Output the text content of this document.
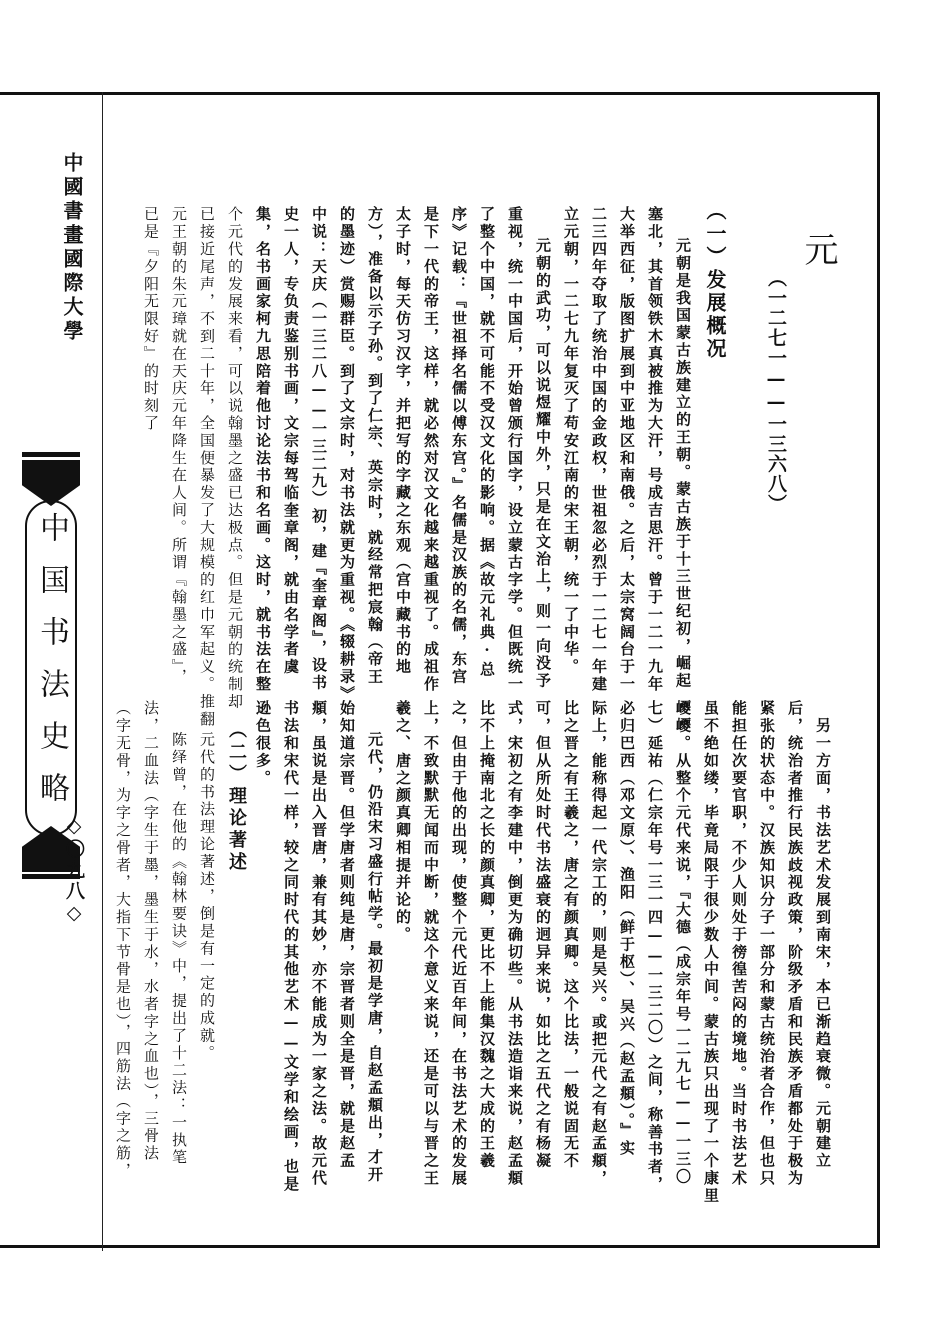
中國書畫國際大學
中国书法史略
◇〇九八◇
元
（一二七一——一三六八）
（一）发展概况
　元朝是我国蒙古族建立的王朝。蒙古族于十三世纪初，崛起
塞北，其首领铁木真被推为大汗，号成吉思汗。曾于一二一九年
大举西征，版图扩展到中亚地区和南俄。之后，太宗窝阔台于一
二三四年夺取了统治中国的金政权，世祖忽必烈于一二七一年建
立元朝，一二七九年复灭了苟安江南的宋王朝，统一了中华。
　元朝的武功，可以说煜耀中外，只是在文治上，则一向没予
重视，统一中国后，开始曾颁行国字，设立蒙古字学。但既统一
了整个中国，就不可能不受汉文化的影响。据《故元礼典·总
序》记载：『世祖择名儒以傅东宫。』名儒是汉族的名儒，东宫
是下一代的帝王，这样，就必然对汉文化越来越重视了。成祖作
太子时，每天仿习汉字，并把写的字藏之东观（宫中藏书的地
方），准备以示子孙。到了仁宗、英宗时，就经常把宸翰（帝王
的墨迹）赏赐群臣。到了文宗时，对书法就更为重视。《辍耕录》
中说：天庆（一三二八——一三二九）初，建『奎章阁』，设书
史一人，专负责鉴别书画，文宗每驾临奎章阁，就由名学者虞
集，名书画家柯九思陪着他讨论法书和名画。这时，就书法在整
个元代的发展来看，可以说翰墨之盛已达极点。但是元朝的统制却
已接近尾声，不到二十年，全国便暴发了大规模的红巾军起义。推翻
元王朝的朱元璋就在天庆元年降生在人间。所谓『翰墨之盛』，
已是『夕阳无限好』的时刻了
　另一方面，书法艺术发展到南宋，本已渐趋衰微。元朝建立
后，统治者推行民族歧视政策，阶级矛盾和民族矛盾都处于极为
紧张的状态中。汉族知识分子一部分和蒙古统治者合作，但也只
能担任次要官职，不少人则处于徬徨苦闷的境地。当时书法艺术
虽不绝如缕，毕竟局限于很少数人中间。蒙古族只出现了一个康里
巎巎。从整个元代来说，『大德（成宗年号一二九七——一三〇
七）延祐（仁宗年号一三一四——一三二〇）之间，称善书者，
必归巴西（邓文原）、渔阳（鲜于枢）、吴兴（赵孟頫）。』实
际上，能称得起一代宗工的，则是吴兴。或把元代之有赵孟頫，
比之晋之有王羲之，唐之有颜真卿。这个比法，一般说固无不
可，但从所处时代书法盛衰的迥异来说，如比之五代之有杨凝
式，宋初之有李建中，倒更为确切些。从书法造诣来说，赵孟頫
比不上掩南北之长的颜真卿，更比不上能集汉魏之大成的王羲
之，但由于他的出现，使整个元代近百年间，在书法艺术的发展
上，不致默默无闻而中断，就这个意义来说，还是可以与晋之王
羲之、唐之颜真卿相提并论的。
　元代，仍沿宋习盛行帖学。最初是学唐，自赵孟頫出，才开
始知道宗晋。但学唐者则纯是唐，宗晋者则全是晋，就是赵孟
頫，虽说是出入晋唐，兼有其妙，亦不能成为一家之法。故元代
书法和宋代一样，较之同时代的其他艺术——文学和绘画，也是
逊色很多。
（二）理论著述
　元代的书法理论著述，倒是有一定的成就。
　陈绎曾，在他的《翰林要诀》中，提出了十二法：一执笔
法，二血法（字生于墨，墨生于水，水者字之血也），三骨法
（字无骨，为字之骨者，大指下节骨是也），四筋法（字之筋，
